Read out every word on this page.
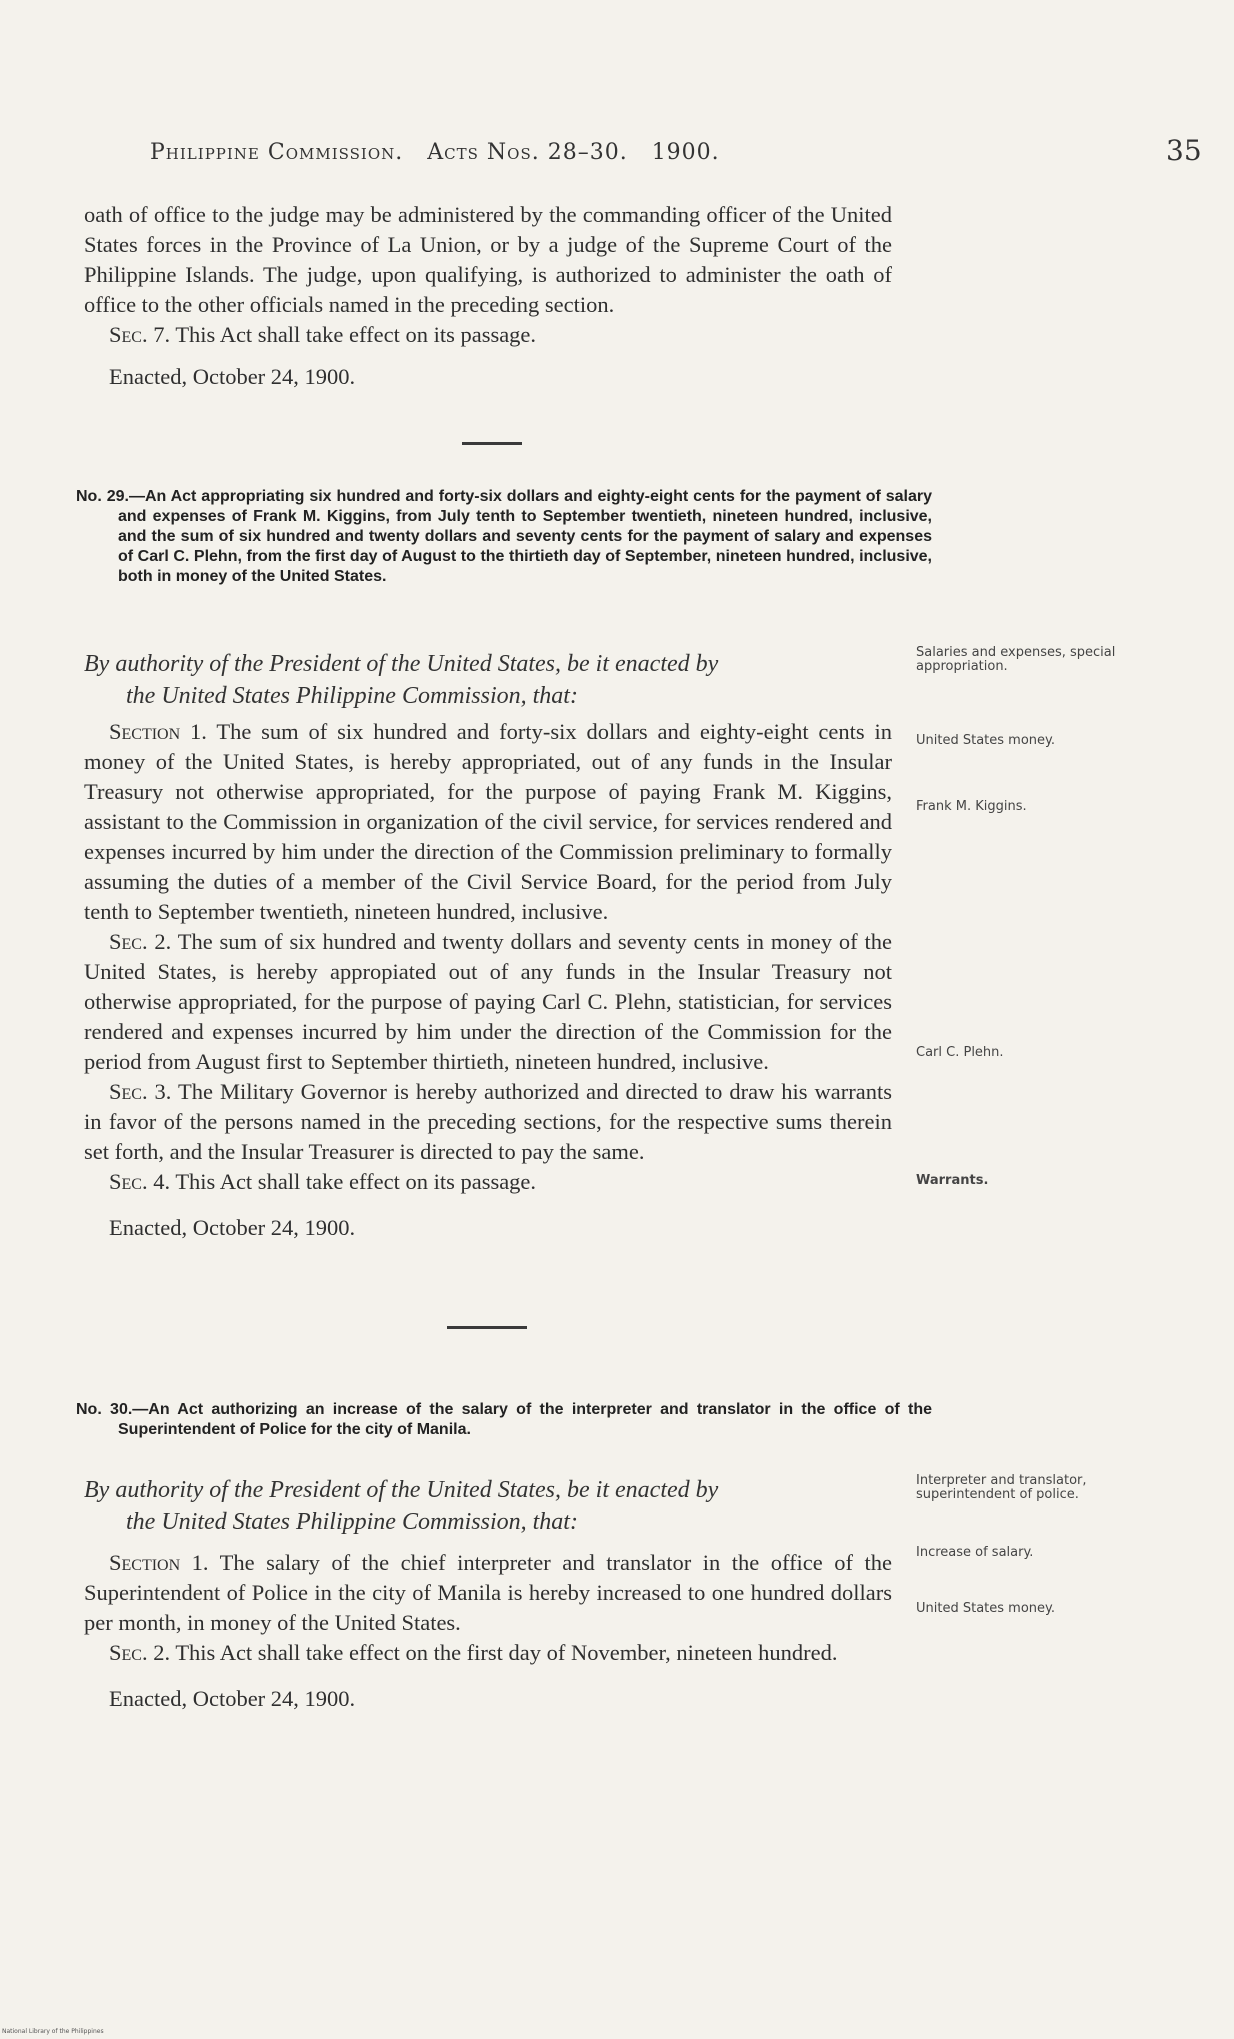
Philippine Commission. Acts Nos. 28–30. 1900.	35

oath of office to the judge may be administered by the commanding officer of the United States forces in the Province of La Union, or by a judge of the Supreme Court of the Philippine Islands. The judge, upon qualifying, is authorized to administer the oath of office to the other officials named in the preceding section.

Sec. 7. This Act shall take effect on its passage.

Enacted, October 24, 1900.

No. 29.—An Act appropriating six hundred and forty-six dollars and eighty-eight cents for the payment of salary and expenses of Frank M. Kiggins, from July tenth to September twentieth, nineteen hundred, inclusive, and the sum of six hundred and twenty dollars and seventy cents for the payment of salary and expenses of Carl C. Plehn, from the first day of August to the thirtieth day of September, nineteen hundred, inclusive, both in money of the United States.
By authority of the President of the United States, be it enacted by
the United States Philippine Commission, that:

Section 1. The sum of six hundred and forty-six dollars and eighty-eight cents in money of the United States, is hereby appropriated, out of any funds in the Insular Treasury not otherwise appropriated, for the purpose of paying Frank M. Kiggins, assistant to the Commission in organization of the civil service, for services rendered and expenses incurred by him under the direction of the Commission preliminary to formally assuming the duties of a member of the Civil Service Board, for the period from July tenth to September twentieth, nineteen hundred, inclusive.

Sec. 2. The sum of six hundred and twenty dollars and seventy cents in money of the United States, is hereby appropiated out of any funds in the Insular Treasury not otherwise appropriated, for the purpose of paying Carl C. Plehn, statistician, for services rendered and expenses incurred by him under the direction of the Commission for the period from August first to September thirtieth, nineteen hundred, inclusive.

Sec. 3. The Military Governor is hereby authorized and directed to draw his warrants in favor of the persons named in the preceding sections, for the respective sums therein set forth, and the Insular Treasurer is directed to pay the same.

Sec. 4. This Act shall take effect on its passage.

Enacted, October 24, 1900.

Salaries and expenses, special appropriation.
United States money.
Frank M. Kiggins.
Carl C. Plehn.
Warrants.
No. 30.—An Act authorizing an increase of the salary of the interpreter and translator in the office of the Superintendent of Police for the city of Manila.
By authority of the President of the United States, be it enacted by
the United States Philippine Commission, that:

Section 1. The salary of the chief interpreter and translator in the office of the Superintendent of Police in the city of Manila is hereby increased to one hundred dollars per month, in money of the United States.

Sec. 2. This Act shall take effect on the first day of November, nineteen hundred.

Enacted, October 24, 1900.

Interpreter and translator, superintendent of police.
Increase of salary.
United States money.
National Library of the Philippines
